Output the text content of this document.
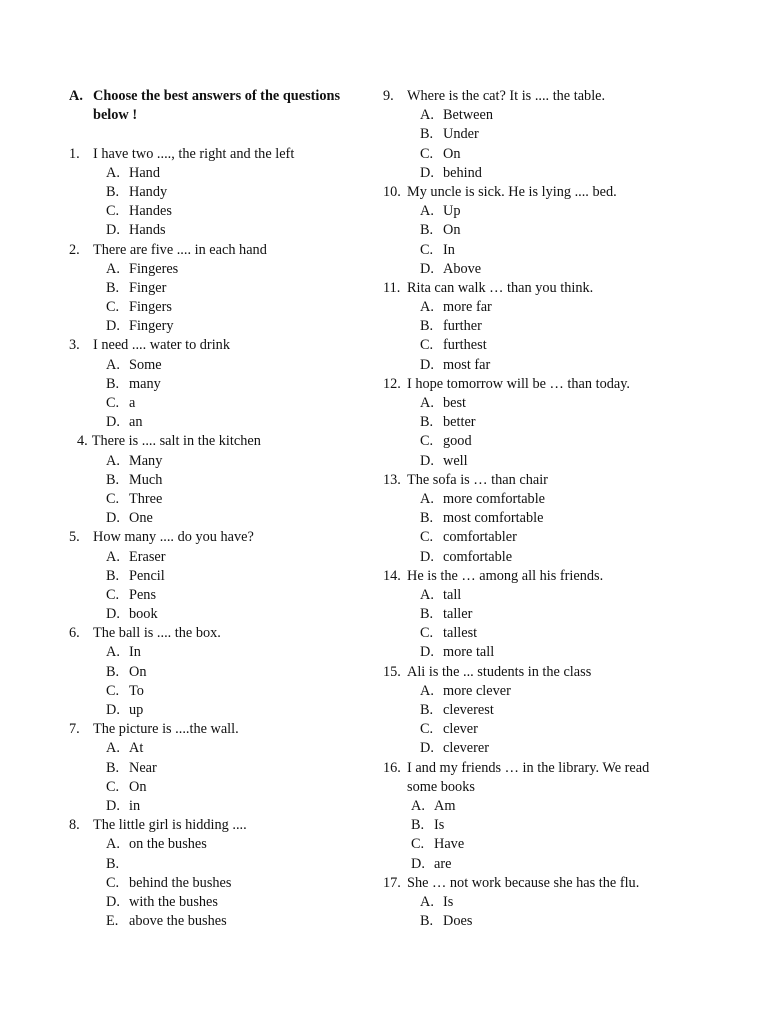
A. Choose the best answers of the questions below !
1. I have two ...., the right and the left
A. Hand
B. Handy
C. Handes
D. Hands
2. There are five .... in each hand
A. Fingeres
B. Finger
C. Fingers
D. Fingery
3. I need .... water to drink
A. Some
B. many
C. a
D. an
4. There is .... salt in the kitchen
A. Many
B. Much
C. Three
D. One
5. How many .... do you have?
A. Eraser
B. Pencil
C. Pens
D. book
6. The ball is .... the box.
A. In
B. On
C. To
D. up
7. The picture is ....the wall.
A. At
B. Near
C. On
D. in
8. The little girl is hidding ....
A. on the bushes
B.
C. behind the bushes
D. with the bushes
E. above the bushes
9. Where is the cat? It is .... the table.
A. Between
B. Under
C. On
D. behind
10. My uncle is sick. He is lying .... bed.
A. Up
B. On
C. In
D. Above
11. Rita can walk … than you think.
A. more far
B. further
C. furthest
D. most far
12. I hope tomorrow will be … than today.
A. best
B. better
C. good
D. well
13. The sofa is … than chair
A. more comfortable
B. most comfortable
C. comfortabler
D. comfortable
14. He is the … among all his friends.
A. tall
B. taller
C. tallest
D. more tall
15. Ali is the ... students in the class
A. more clever
B. cleverest
C. clever
D. cleverer
16. I and my friends … in the library. We read
some books
A. Am
B. Is
C. Have
D. are
17. She … not work because she has the flu.
A. Is
B. Does
